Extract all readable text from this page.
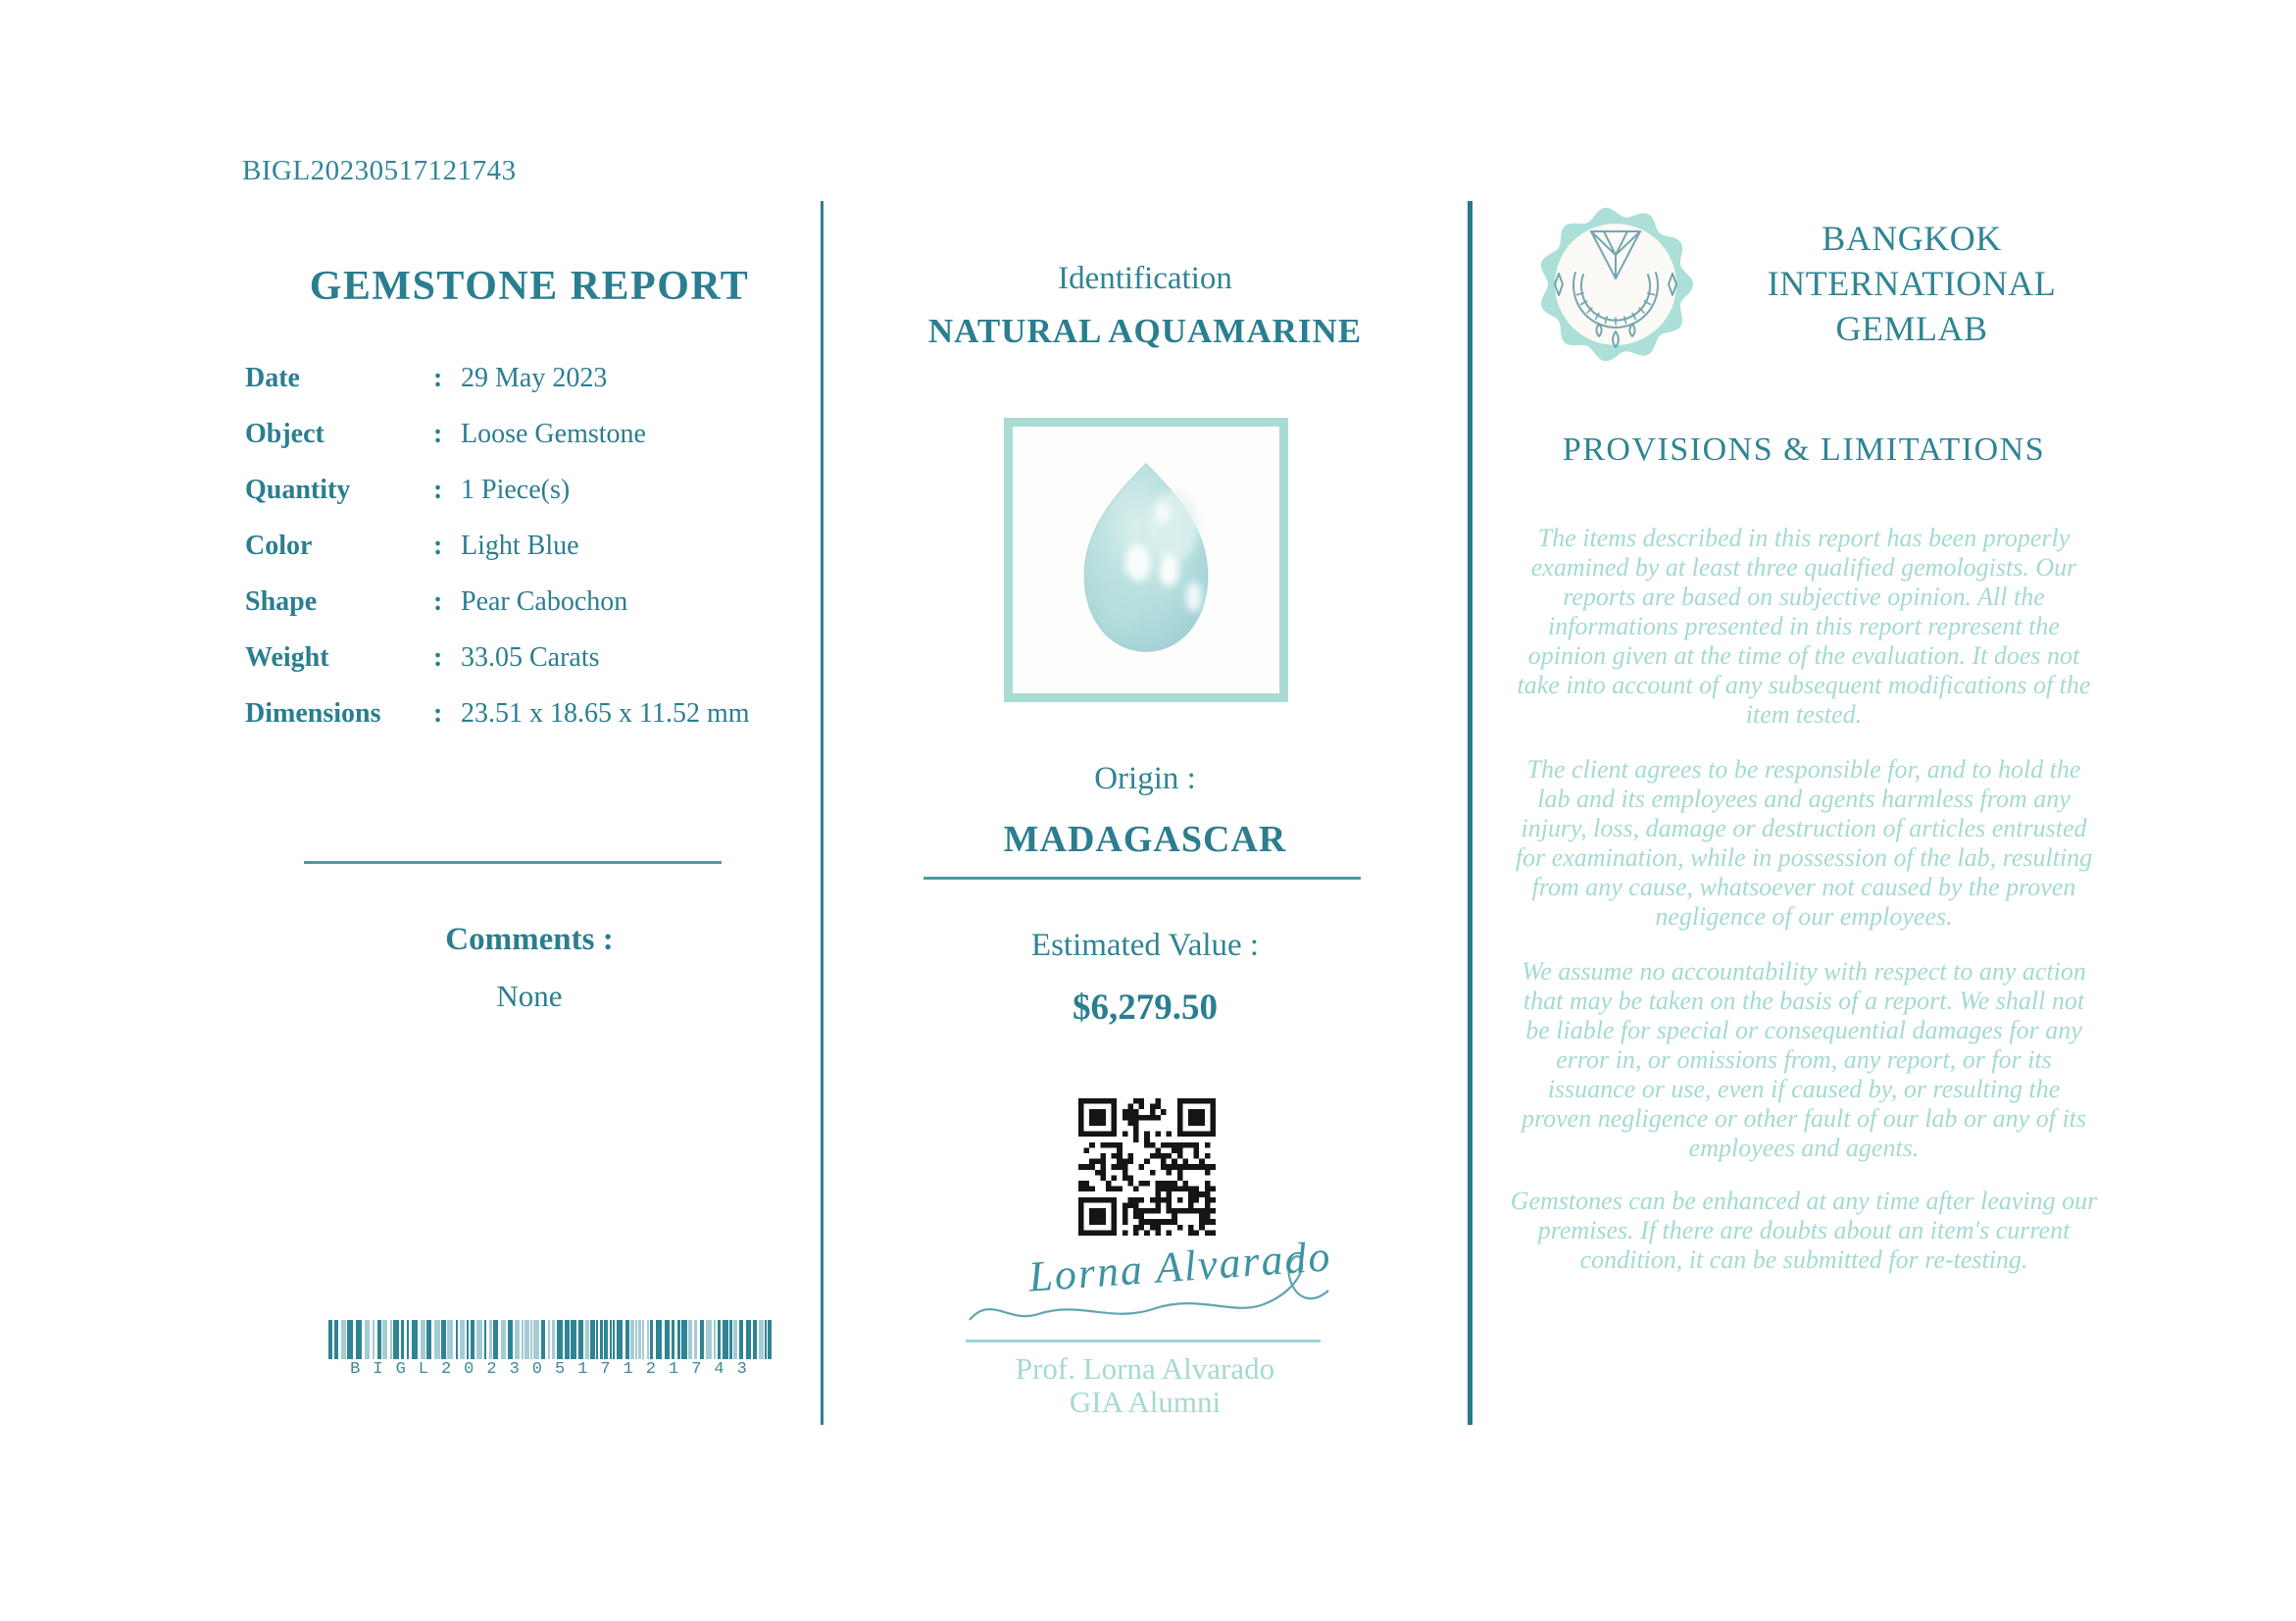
BIGL20230517121743
GEMSTONE REPORT
Date	: 29 May 2023
Object	: Loose Gemstone
Quantity	: 1 Piece(s)
Color	: Light Blue
Shape	: Pear Cabochon
Weight	: 33.05 Carats
Dimensions	: 23.51 x 18.65 x 11.52 mm
Comments :
None
BIGL20230517121743
Identification
NATURAL AQUAMARINE
Origin :
MADAGASCAR
Estimated Value :
$6,279.50
Lorna Alvarado
Prof. Lorna Alvarado
GIA Alumni
BANGKOK
INTERNATIONAL
GEMLAB
PROVISIONS & LIMITATIONS

The items described in this report has been properly examined by at least three qualified gemologists. Our reports are based on subjective opinion. All the informations presented in this report represent the opinion given at the time of the evaluation. It does not take into account of any subsequent modifications of the item tested.

The client agrees to be responsible for, and to hold the lab and its employees and agents harmless from any injury, loss, damage or destruction of articles entrusted for examination, while in possession of the lab, resulting from any cause, whatsoever not caused by the proven negligence of our employees.

We assume no accountability with respect to any action that may be taken on the basis of a report. We shall not be liable for special or consequential damages for any error in, or omissions from, any report, or for its issuance or use, even if caused by, or resulting the proven negligence or other fault of our lab or any of its employees and agents.

Gemstones can be enhanced at any time after leaving our premises. If there are doubts about an item's current condition, it can be submitted for re-testing.
